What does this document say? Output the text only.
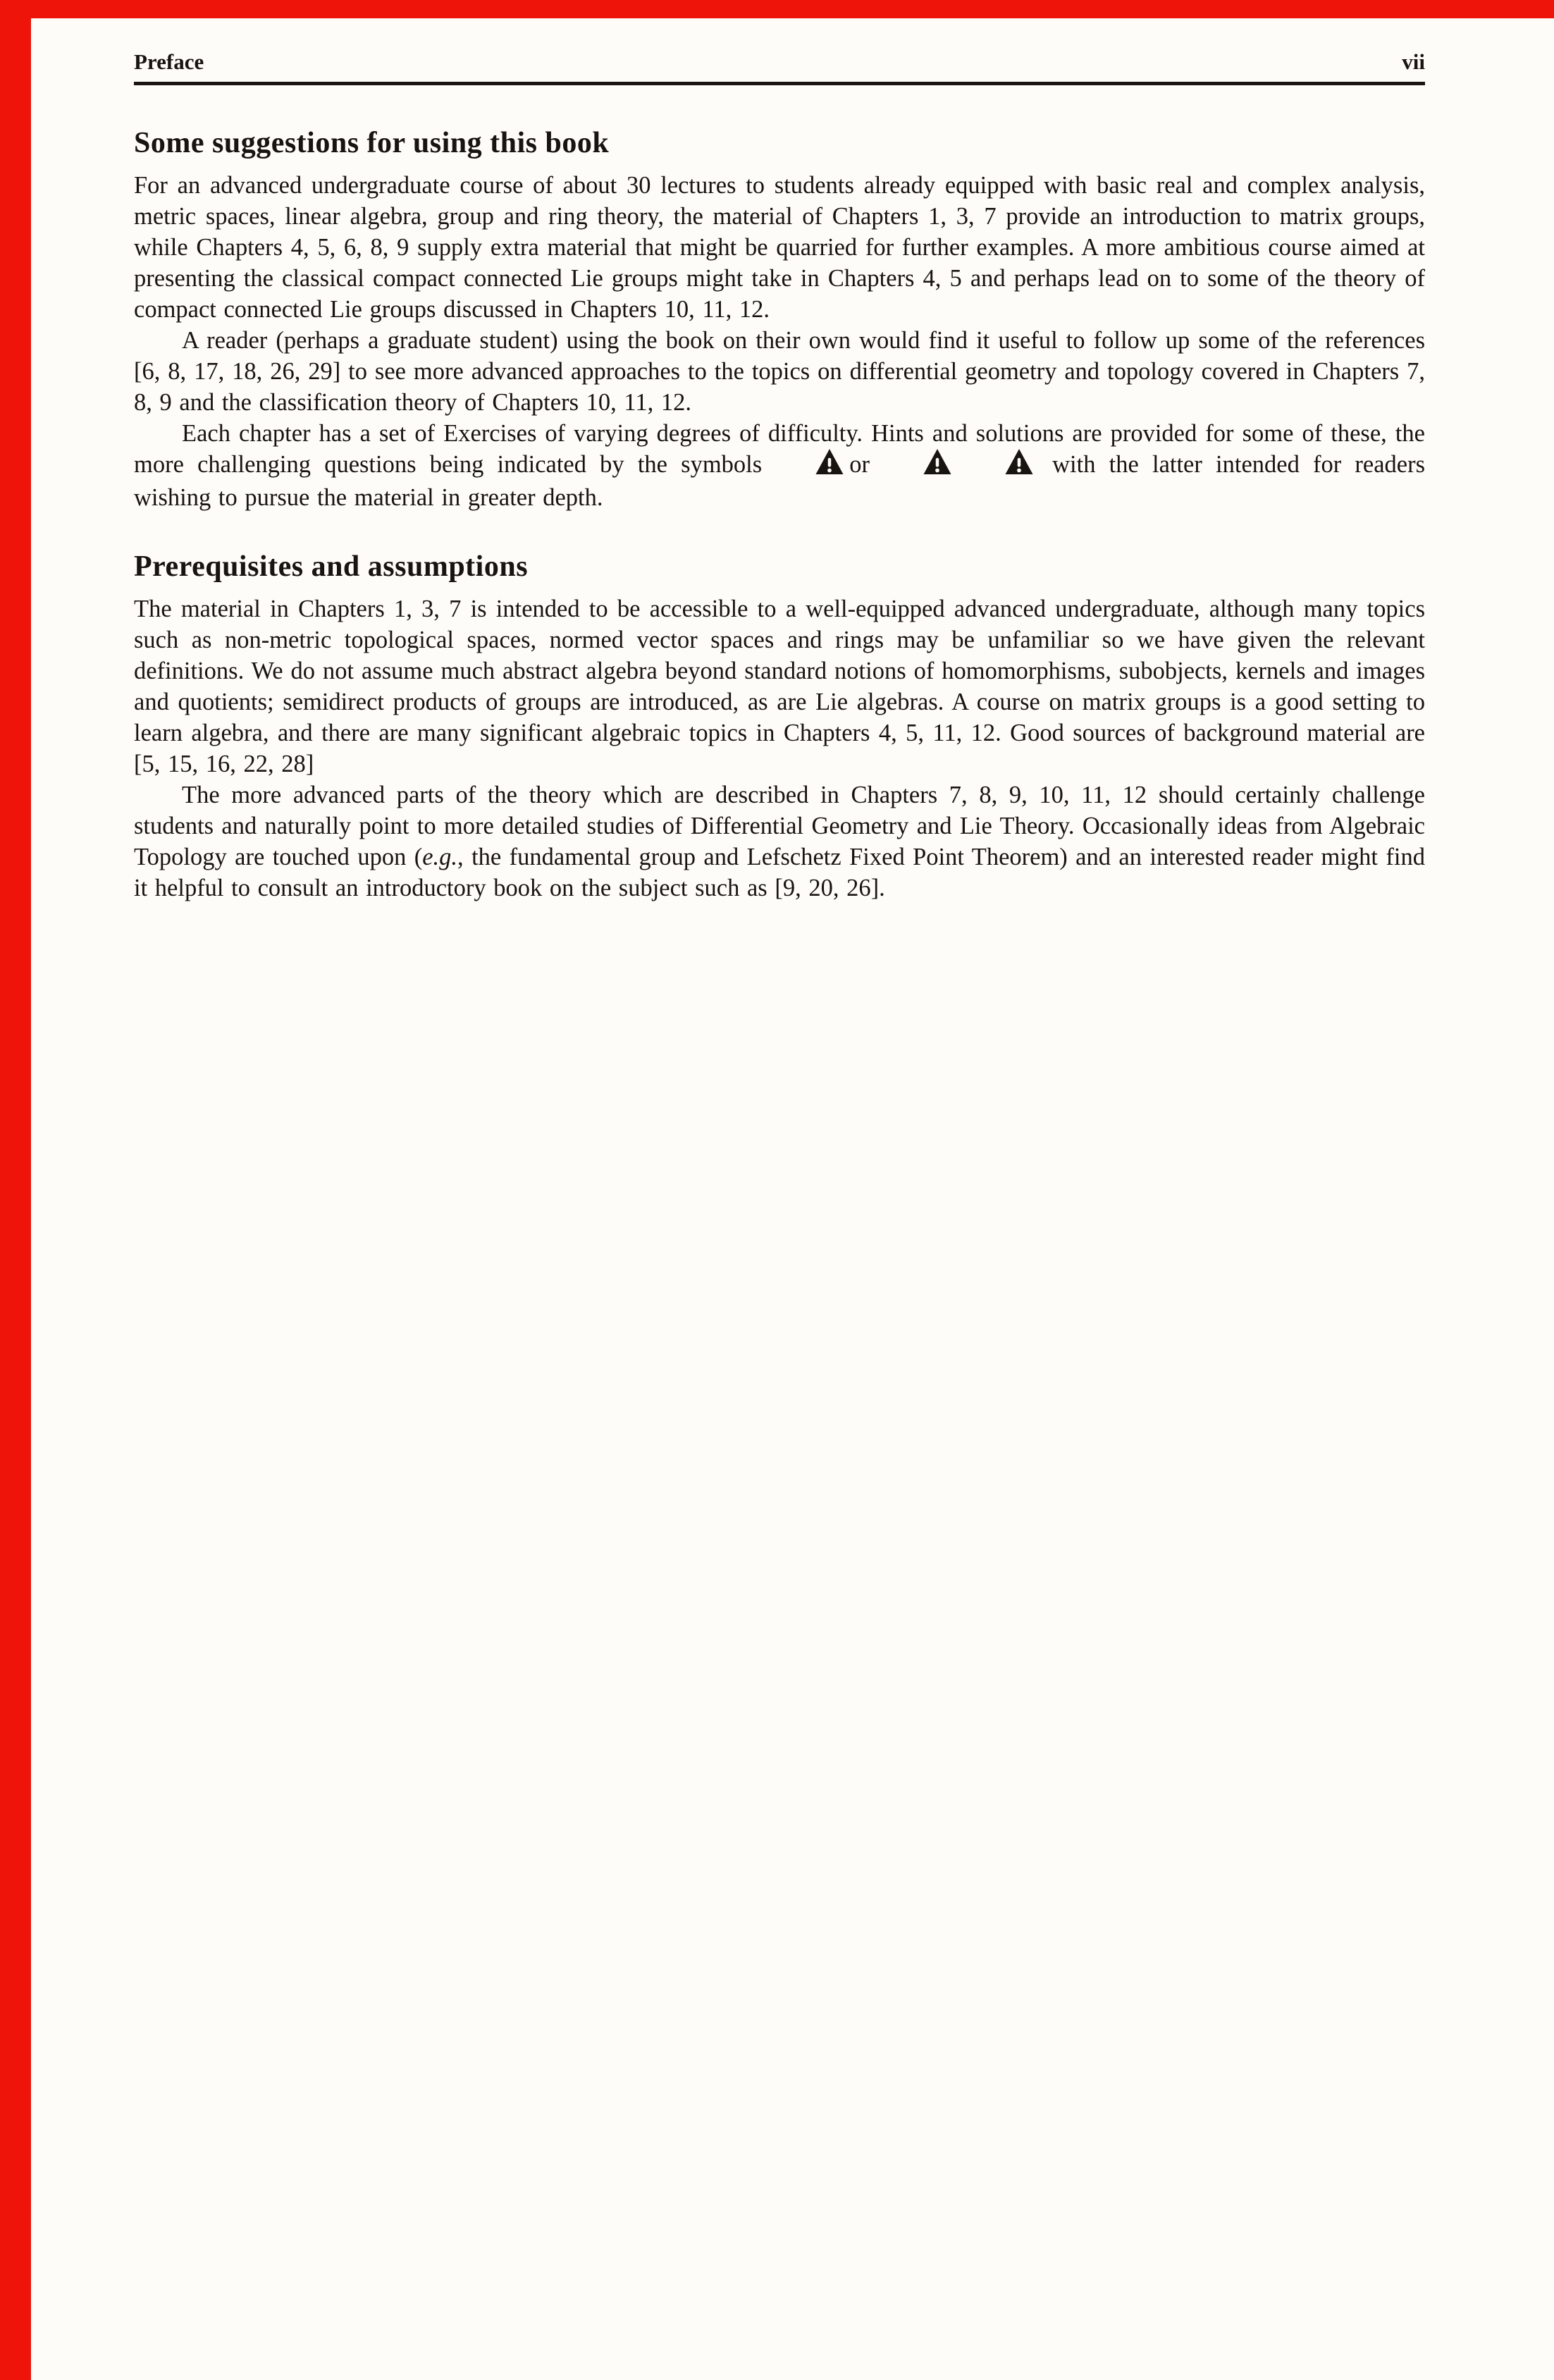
Preface	vii
Some suggestions for using this book

For an advanced undergraduate course of about 30 lectures to students already equipped with basic real and complex analysis, metric spaces, linear algebra, group and ring theory, the material of Chapters 1, 3, 7 provide an introduction to matrix groups, while Chapters 4, 5, 6, 8, 9 supply extra material that might be quarried for further examples. A more ambitious course aimed at presenting the classical compact connected Lie groups might take in Chapters 4, 5 and perhaps lead on to some of the theory of compact connected Lie groups discussed in Chapters 10, 11, 12.

A reader (perhaps a graduate student) using the book on their own would find it useful to follow up some of the references [6, 8, 17, 18, 26, 29] to see more advanced approaches to the topics on differential geometry and topology covered in Chapters 7, 8, 9 and the classification theory of Chapters 10, 11, 12.

Each chapter has a set of Exercises of varying degrees of difficulty. Hints and solutions are provided for some of these, the more challenging questions being indicated by the symbols	or	with the latter intended for readers wishing to pursue the material in greater depth.

Prerequisites and assumptions

The material in Chapters 1, 3, 7 is intended to be accessible to a well-equipped advanced undergraduate, although many topics such as non-metric topological spaces, normed vector spaces and rings may be unfamiliar so we have given the relevant definitions. We do not assume much abstract algebra beyond standard notions of homomorphisms, subobjects, kernels and images and quotients; semidirect products of groups are introduced, as are Lie algebras. A course on matrix groups is a good setting to learn algebra, and there are many significant algebraic topics in Chapters 4, 5, 11, 12. Good sources of background material are [5, 15, 16, 22, 28]

The more advanced parts of the theory which are described in Chapters 7, 8, 9, 10, 11, 12 should certainly challenge students and naturally point to more detailed studies of Differential Geometry and Lie Theory. Occasionally ideas from Algebraic Topology are touched upon (e.g., the fundamental group and Lefschetz Fixed Point Theorem) and an interested reader might find it helpful to consult an introductory book on the subject such as [9, 20, 26].
